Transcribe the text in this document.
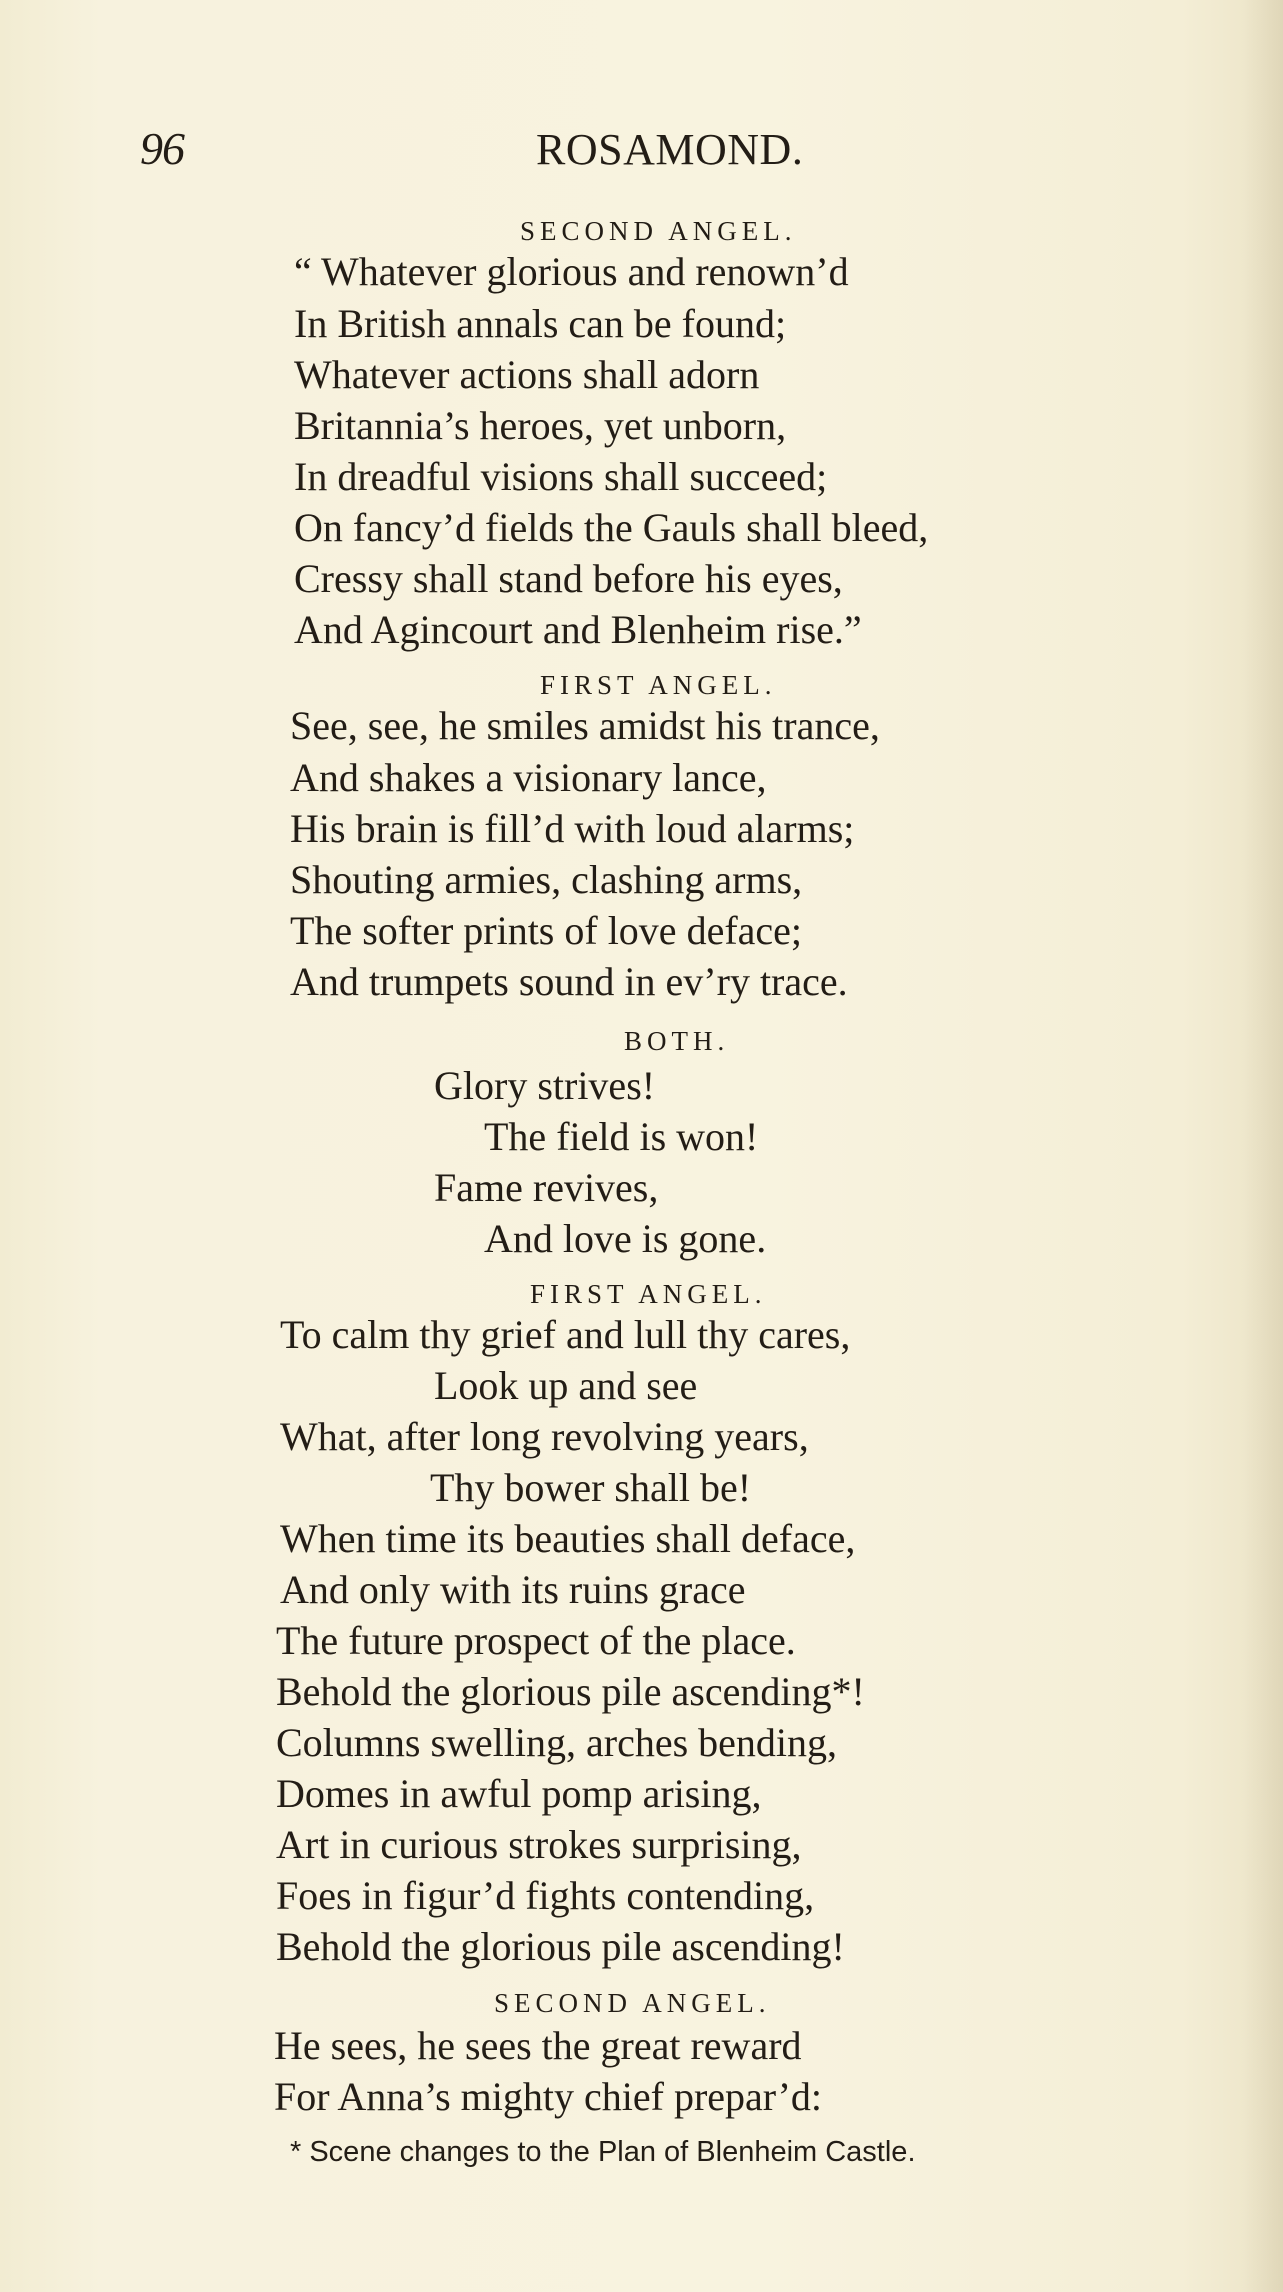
96	ROSAMOND.
SECOND ANGEL.
“ Whatever glorious and renown’d
In British annals can be found;
Whatever actions shall adorn
Britannia’s heroes, yet unborn,
In dreadful visions shall succeed;
On fancy’d fields the Gauls shall bleed,
Cressy shall stand before his eyes,
And Agincourt and Blenheim rise.”
FIRST ANGEL.
See, see, he smiles amidst his trance,
And shakes a visionary lance,
His brain is fill’d with loud alarms;
Shouting armies, clashing arms,
The softer prints of love deface;
And trumpets sound in ev’ry trace.
BOTH.
Glory strives!
The field is won!
Fame revives,
And love is gone.
FIRST ANGEL.
To calm thy grief and lull thy cares,
Look up and see
What, after long revolving years,
Thy bower shall be!
When time its beauties shall deface,
And only with its ruins grace
The future prospect of the place.
Behold the glorious pile ascending*!
Columns swelling, arches bending,
Domes in awful pomp arising,
Art in curious strokes surprising,
Foes in figur’d fights contending,
Behold the glorious pile ascending!
SECOND ANGEL.
He sees, he sees the great reward
For Anna’s mighty chief prepar’d:
* Scene changes to the Plan of Blenheim Castle.
